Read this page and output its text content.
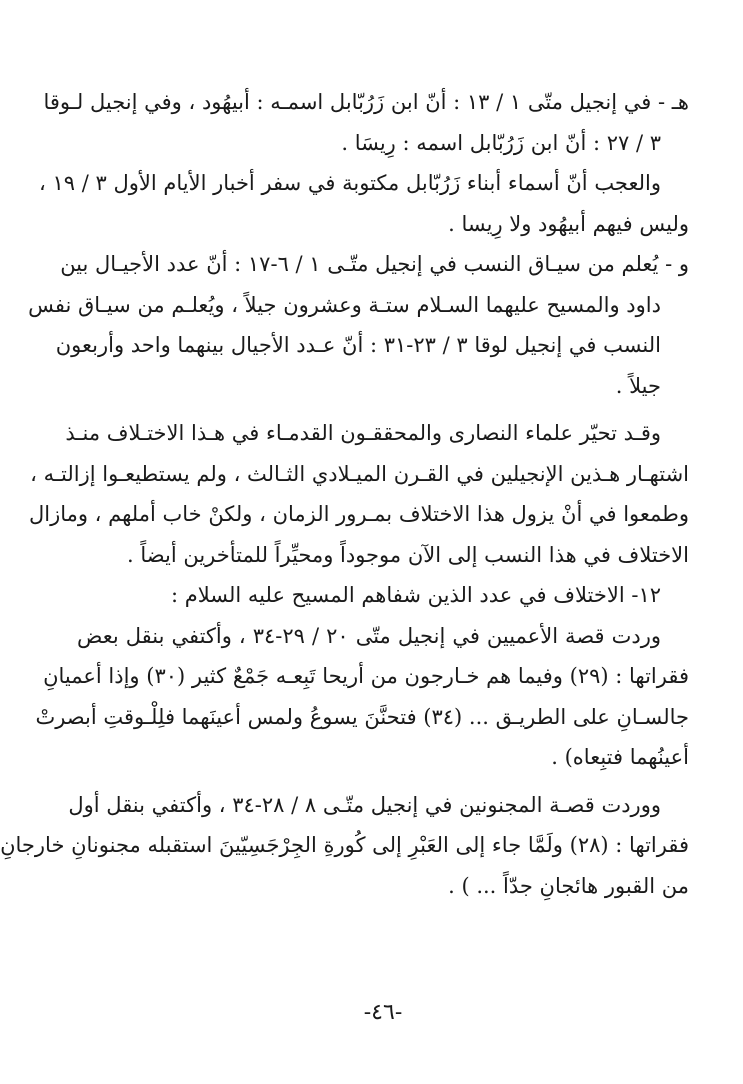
هـ - في إنجيل متّى ١ / ١٣ : أنّ ابن زَرُبّابل اسمـه : أبيهُود ، وفي إنجيل لـوقا
٣ / ٢٧ : أنّ ابن زَرُبّابل اسمه : رِيسَا .
والعجب أنّ أسماء أبناء زَرُبّابل مكتوبة في سفر أخبار الأيام الأول ٣ / ١٩ ،
وليس فيهم أبيهُود ولا رِيسا .
و - يُعلم من سيـاق النسب في إنجيل متّـى ١ / ٦-١٧ : أنّ عدد الأجيـال بين
داود والمسيح عليهما السـلام ستـة وعشرون جيلاً ، ويُعلـم من سيـاق نفس
النسب في إنجيل لوقا ٣ / ٢٣-٣١ : أنّ عـدد الأجيال بينهما واحد وأربعون
جيلاً .
وقـد تحيّر علماء النصارى والمحققـون القدمـاء في هـذا الاختـلاف منـذ
اشتهـار هـذين الإنجيلين في القـرن الميـلادي الثـالث ، ولم يستطيعـوا إزالتـه ،
وطمعوا في أنْ يزول هذا الاختلاف بمـرور الزمان ، ولكنْ خاب أملهم ، ومازال
الاختلاف في هذا النسب إلى الآن موجوداً ومحيِّراً للمتأخرين أيضاً .
١٢- الاختلاف في عدد الذين شفاهم المسيح عليه السلام :
وردت قصة الأعميين في إنجيل متّى ٢٠ / ٢٩-٣٤ ، وأكتفي بنقل بعض
فقراتها : (٢٩) وفيما هم خـارجون من أريحا تَبِعـه جَمْعٌ كثير (٣٠) وإذا أعميانِ
جالسـانِ على الطريـق ... (٣٤) فتحنَّنَ يسوعُ ولمس أعينَهما فلِلْـوقتِ أبصرتْ
أعينُهما فتبِعاه) .
ووردت قصـة المجنونين في إنجيل متّـى ٨ / ٢٨-٣٤ ، وأكتفي بنقل أول
فقراتها : (٢٨) ولَمَّا جاء إلى العَبْرِ إلى كُورةِ الجِرْجَسِيّينَ استقبله مجنونانِ خارجانِ
من القبور هائجانِ جدّاً ... ) .
-٤٦-
